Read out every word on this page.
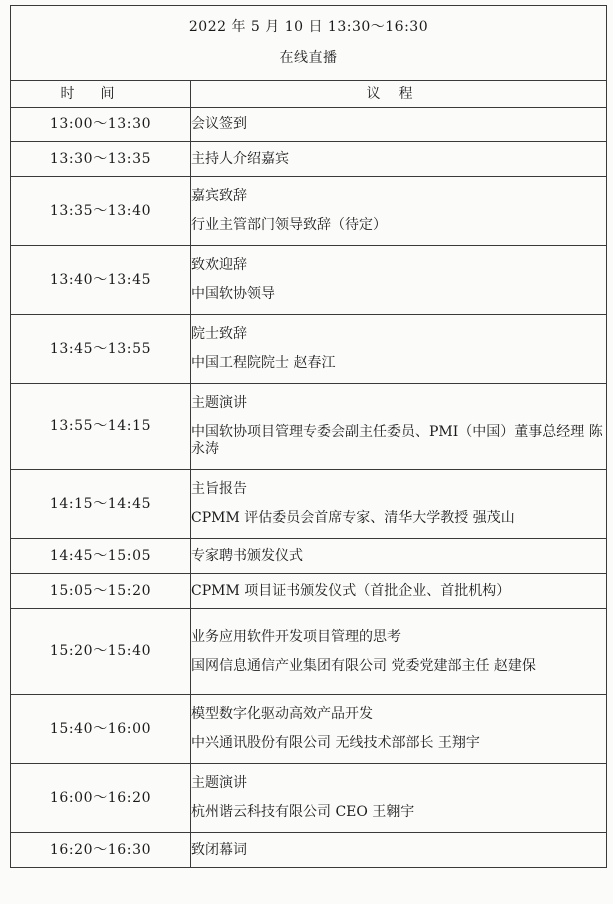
2022 年 5 月 10 日 13:30～16:30
在线直播	

时间	议程
13:00～13:30	会议签到

13:30～13:35	主持人介绍嘉宾

13:35～13:40	嘉宾致辞
行业主管部门领导致辞（待定）

13:40～13:45	致欢迎辞
中国软协领导

13:45～13:55	院士致辞
中国工程院院士 赵春江

13:55～14:15	主题演讲
中国软协项目管理专委会副主任委员、PMI（中国）董事总经理 陈永涛

14:15～14:45	主旨报告
CPMM 评估委员会首席专家、清华大学教授 强茂山

14:45～15:05	专家聘书颁发仪式

15:05～15:20	CPMM 项目证书颁发仪式（首批企业、首批机构）

15:20～15:40	业务应用软件开发项目管理的思考
国网信息通信产业集团有限公司 党委党建部主任 赵建保

15:40～16:00	模型数字化驱动高效产品开发
中兴通讯股份有限公司 无线技术部部长 王翔宇

16:00～16:20	主题演讲
杭州谐云科技有限公司 CEO 王翱宇

16:20～16:30	致闭幕词
